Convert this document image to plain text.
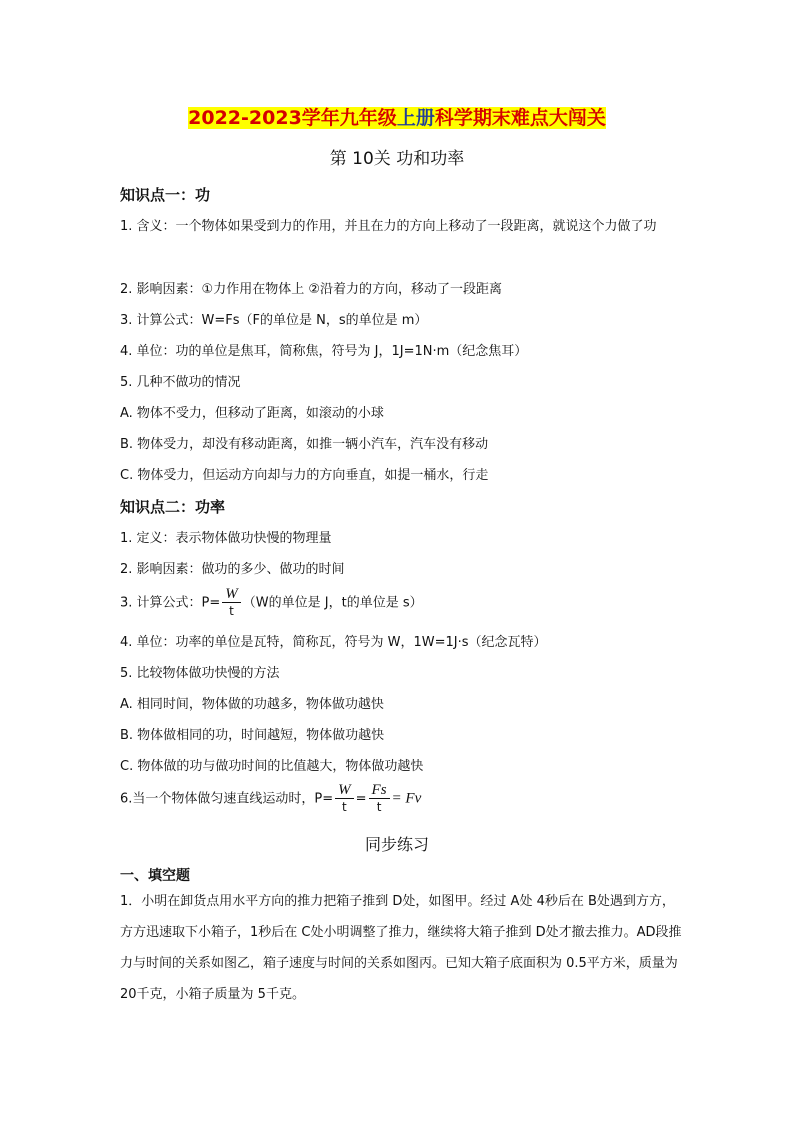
2022-2023学年九年级上册科学期末难点大闯关
第 10关 功和功率
知识点一：功
1. 含义：一个物体如果受到力的作用，并且在力的方向上移动了一段距离，就说这个力做了功
2. 影响因素：①力作用在物体上 ②沿着力的方向，移动了一段距离
3. 计算公式：W=Fs（F的单位是 N，s的单位是 m）
4. 单位：功的单位是焦耳，简称焦，符号为 J，1J=1N·m（纪念焦耳）
5. 几种不做功的情况
A. 物体不受力，但移动了距离，如滚动的小球
B. 物体受力，却没有移动距离，如推一辆小汽车，汽车没有移动
C. 物体受力，但运动方向却与力的方向垂直，如提一桶水，行走
知识点二：功率
1. 定义：表示物体做功快慢的物理量
2. 影响因素：做功的多少、做功的时间
3. 计算公式：$P= \frac{W}{t} (W$的单位是 J，t的单位是 s）
4. 单位：功率的单位是瓦特，简称瓦，符号为 W，1W=1J·s（纪念瓦特）
5. 比较物体做功快慢的方法
A. 相同时间，物体做的功越多，物体做功越快
B. 物体做相同的功，时间越短，物体做功越快
C. 物体做的功与做功时间的比值越大，物体做功越快
6.当一个物体做匀速直线运动时，$P= \frac{W}{t} = \frac{Fs}{t} = Fv$
同步练习
一、填空题
1．小明在卸货点用水平方向的推力把箱子推到 D处，如图甲。经过 A处 4秒后在 B处遇到方方，方方迅速取下小箱子，1秒后在 C处小明调整了推力，继续将大箱子推到 D处才撤去推力。AD段推力与时间的关系如图乙，箱子速度与时间的关系如图丙。已知大箱子底面积为 0.5平方米，质量为 20千克，小箱子质量为 5千克。
